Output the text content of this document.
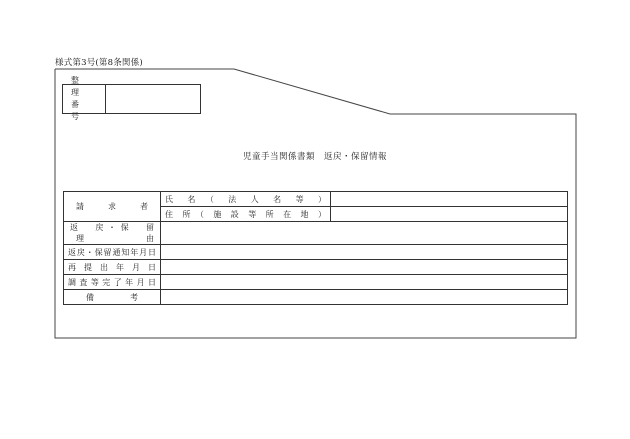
様式第3号(第8条関係)
整　理
番　号
児童手当関係書類　返戻・保留情報
請　　求　　者	氏　名　（　法　人　名　等　）	

	住　所　（　施　設　等　所　在　地　）	

返　戻・保　留
理 由		

返戻・保留通知年月日		

再提出年月日		

調査等完了年月日		

備　　考		
